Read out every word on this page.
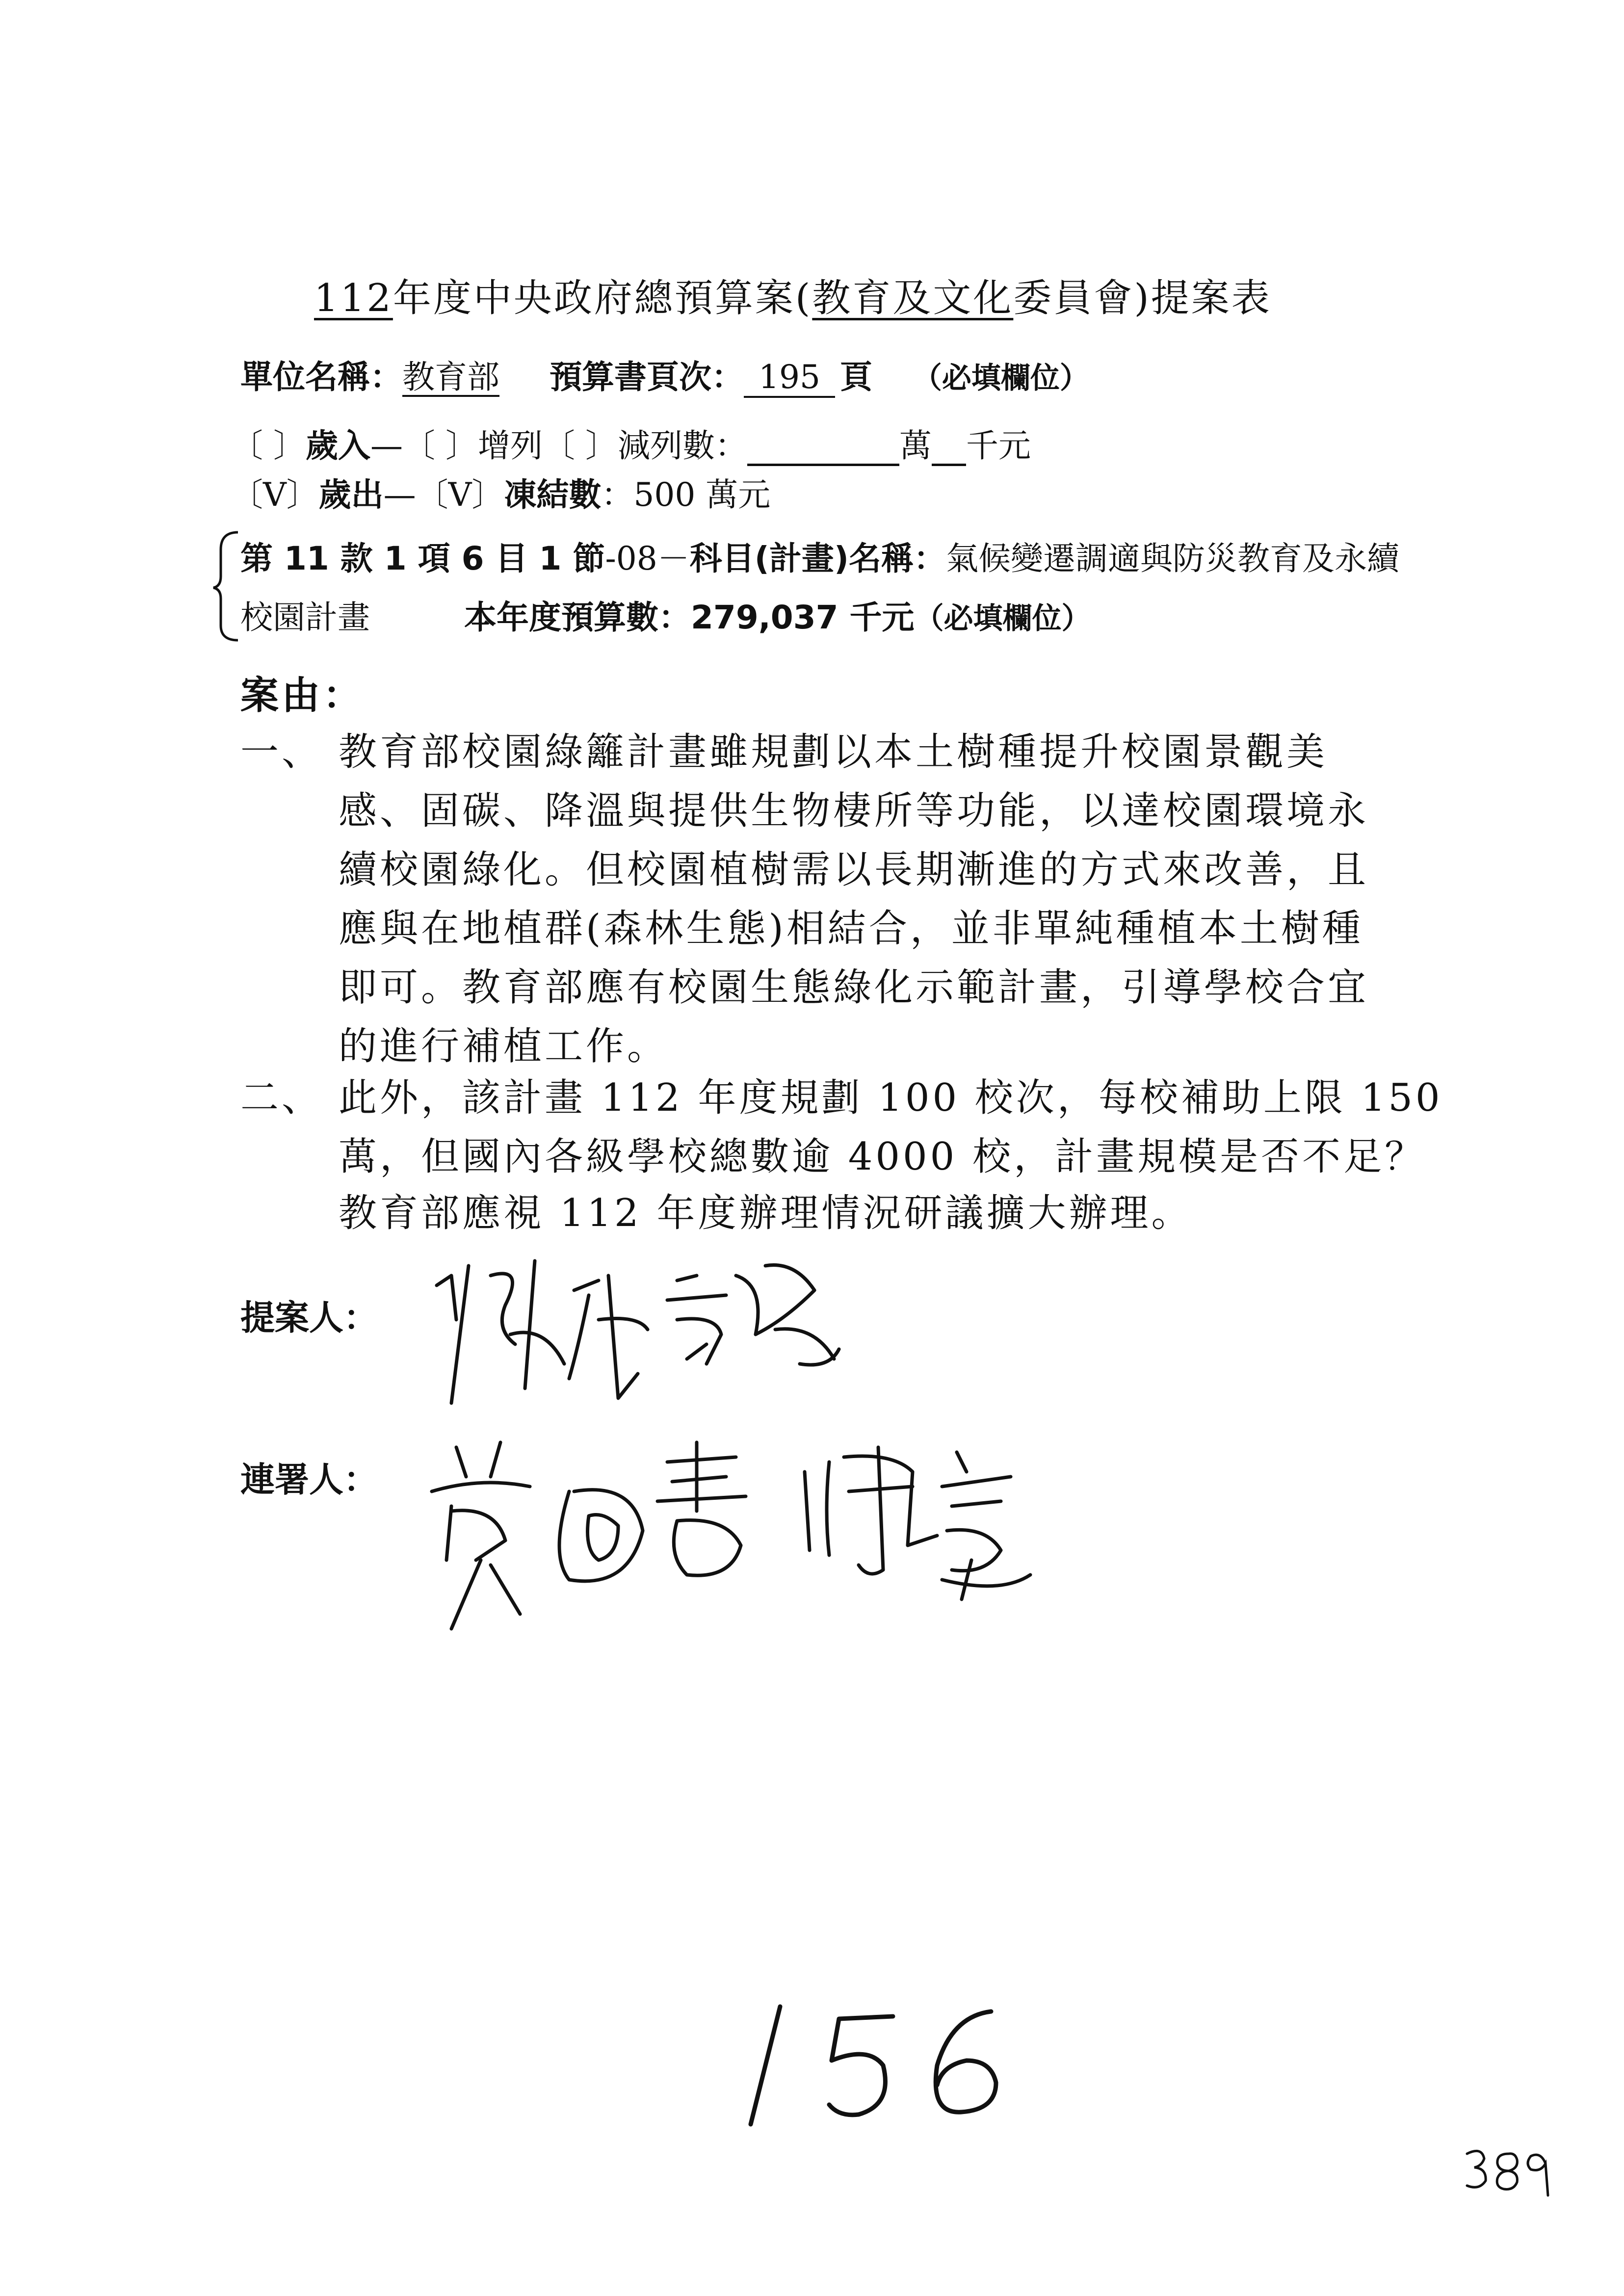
112年度中央政府總預算案(教育及文化委員會)提案表
單位名稱：教育部 預算書頁次： 195 頁 （必填欄位）
〔 〕歲入—〔 〕增列〔 〕減列數：	萬 千元
〔V〕歲出—〔V〕凍結數：500 萬元
第 11 款 1 項 6 目 1 節-08－科目(計畫)名稱：氣候變遷調適與防災教育及永續
校園計畫	本年度預算數：279,037 千元（必填欄位）
案由：
一、 教育部校園綠籬計畫雖規劃以本土樹種提升校園景觀美
感、固碳、降溫與提供生物棲所等功能，以達校園環境永
續校園綠化。但校園植樹需以長期漸進的方式來改善，且
應與在地植群(森林生態)相結合，並非單純種植本土樹種
即可。教育部應有校園生態綠化示範計畫，引導學校合宜
的進行補植工作。
二、 此外，該計畫 112 年度規劃 100 校次，每校補助上限 150
萬，但國內各級學校總數逾 4000 校，計畫規模是否不足？
教育部應視 112 年度辦理情況研議擴大辦理。
提案人：
連署人：
